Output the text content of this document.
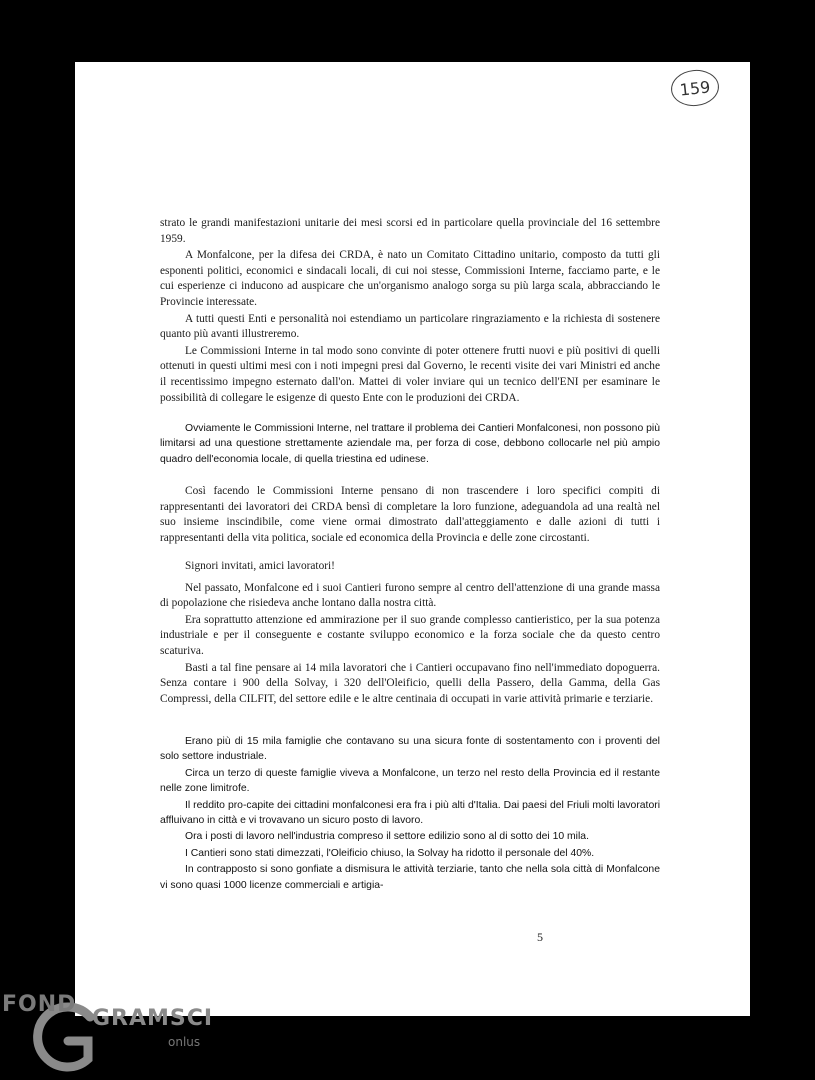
159

strato le grandi manifestazioni unitarie dei mesi scorsi ed in particolare quella provinciale del 16 settembre 1959.

A Monfalcone, per la difesa dei CRDA, è nato un Comitato Cittadino unitario, composto da tutti gli esponenti politici, economici e sindacali locali, di cui noi stesse, Commissioni Interne, facciamo parte, e le cui esperienze ci inducono ad auspicare che un'organismo analogo sorga su più larga scala, abbracciando le Provincie interessate.

A tutti questi Enti e personalità noi estendiamo un particolare ringraziamento e la richiesta di sostenere quanto più avanti illustreremo.

Le Commissioni Interne in tal modo sono convinte di poter ottenere frutti nuovi e più positivi di quelli ottenuti in questi ultimi mesi con i noti impegni presi dal Governo, le recenti visite dei vari Ministri ed anche il recentissimo impegno esternato dall'on. Mattei di voler inviare qui un tecnico dell'ENI per esaminare le possibilità di collegare le esigenze di questo Ente con le produzioni dei CRDA.

Ovviamente le Commissioni Interne, nel trattare il problema dei Cantieri Monfalconesi, non possono più limitarsi ad una questione strettamente aziendale ma, per forza di cose, debbono collocarle nel più ampio quadro dell'economia locale, di quella triestina ed udinese.

Così facendo le Commissioni Interne pensano di non trascendere i loro specifici compiti di rappresentanti dei lavoratori dei CRDA bensì di completare la loro funzione, adeguandola ad una realtà nel suo insieme inscindibile, come viene ormai dimostrato dall'atteggiamento e dalle azioni di tutti i rappresentanti della vita politica, sociale ed economica della Provincia e delle zone circostanti.

Signori invitati, amici lavoratori!

Nel passato, Monfalcone ed i suoi Cantieri furono sempre al centro dell'attenzione di una grande massa di popolazione che risiedeva anche lontano dalla nostra città.

Era soprattutto attenzione ed ammirazione per il suo grande complesso cantieristico, per la sua potenza industriale e per il conseguente e costante sviluppo economico e la forza sociale che da questo centro scaturiva.

Basti a tal fine pensare ai 14 mila lavoratori che i Cantieri occupavano fino nell'immediato dopoguerra. Senza contare i 900 della Solvay, i 320 dell'Oleificio, quelli della Passero, della Gamma, della Gas Compressi, della CILFIT, del settore edile e le altre centinaia di occupati in varie attività primarie e terziarie.

Erano più di 15 mila famiglie che contavano su una sicura fonte di sostentamento con i proventi del solo settore industriale.

Circa un terzo di queste famiglie viveva a Monfalcone, un terzo nel resto della Provincia ed il restante nelle zone limitrofe.

Il reddito pro-capite dei cittadini monfalconesi era fra i più alti d'Italia. Dai paesi del Friuli molti lavoratori affluivano in città e vi trovavano un sicuro posto di lavoro.

Ora i posti di lavoro nell'industria compreso il settore edilizio sono al di sotto dei 10 mila.

I Cantieri sono stati dimezzati, l'Oleificio chiuso, la Solvay ha ridotto il personale del 40%.

In contrapposto si sono gonfiate a dismisura le attività terziarie, tanto che nella sola città di Monfalcone vi sono quasi 1000 licenze commerciali e artigia-

5
FOND
GRAMSCI
onlus
